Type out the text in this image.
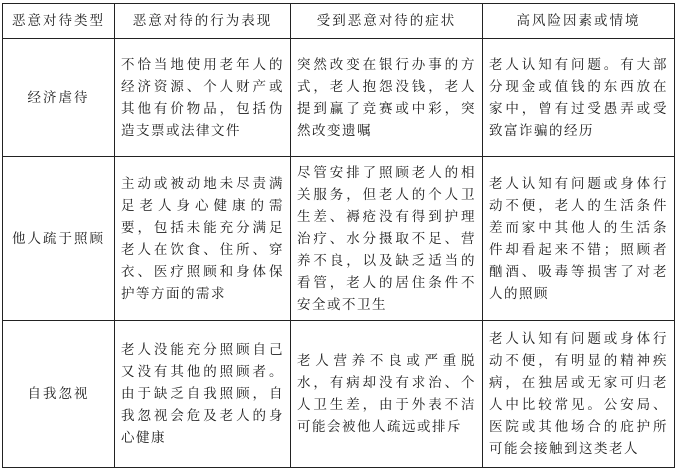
恶意对待类型	恶意对待的行为表现	受到恶意对待的症状	高风险因素或情境
经济虐待	不恰当地使用老年人的经济资源、个人财产或其他有价物品，包括伪造支票或法律文件	突然改变在银行办事的方式，老人抱怨没钱，老人提到赢了竞赛或中彩，突然改变遗嘱	老人认知有问题。有大部分现金或值钱的东西放在家中，曾有过受愚弄或受致富诈骗的经历
他人疏于照顾	主动或被动地未尽责满足老人身心健康的需要，包括未能充分满足老人在饮食、住所、穿衣、医疗照顾和身体保护等方面的需求	尽管安排了照顾老人的相关服务，但老人的个人卫生差、褥疮没有得到护理治疗、水分摄取不足、营养不良，以及缺乏适当的看管，老人的居住条件不安全或不卫生	老人认知有问题或身体行动不便，老人的生活条件差而家中其他人的生活条件却看起来不错；照顾者酗酒、吸毒等损害了对老人的照顾
自我忽视	老人没能充分照顾自己又没有其他的照顾者。由于缺乏自我照顾，自我忽视会危及老人的身心健康	老人营养不良或严重脱水，有病却没有求治、个人卫生差，由于外表不洁可能会被他人疏远或排斥	老人认知有问题或身体行动不便，有明显的精神疾病，在独居或无家可归老人中比较常见。公安局、医院或其他场合的庇护所可能会接触到这类老人
